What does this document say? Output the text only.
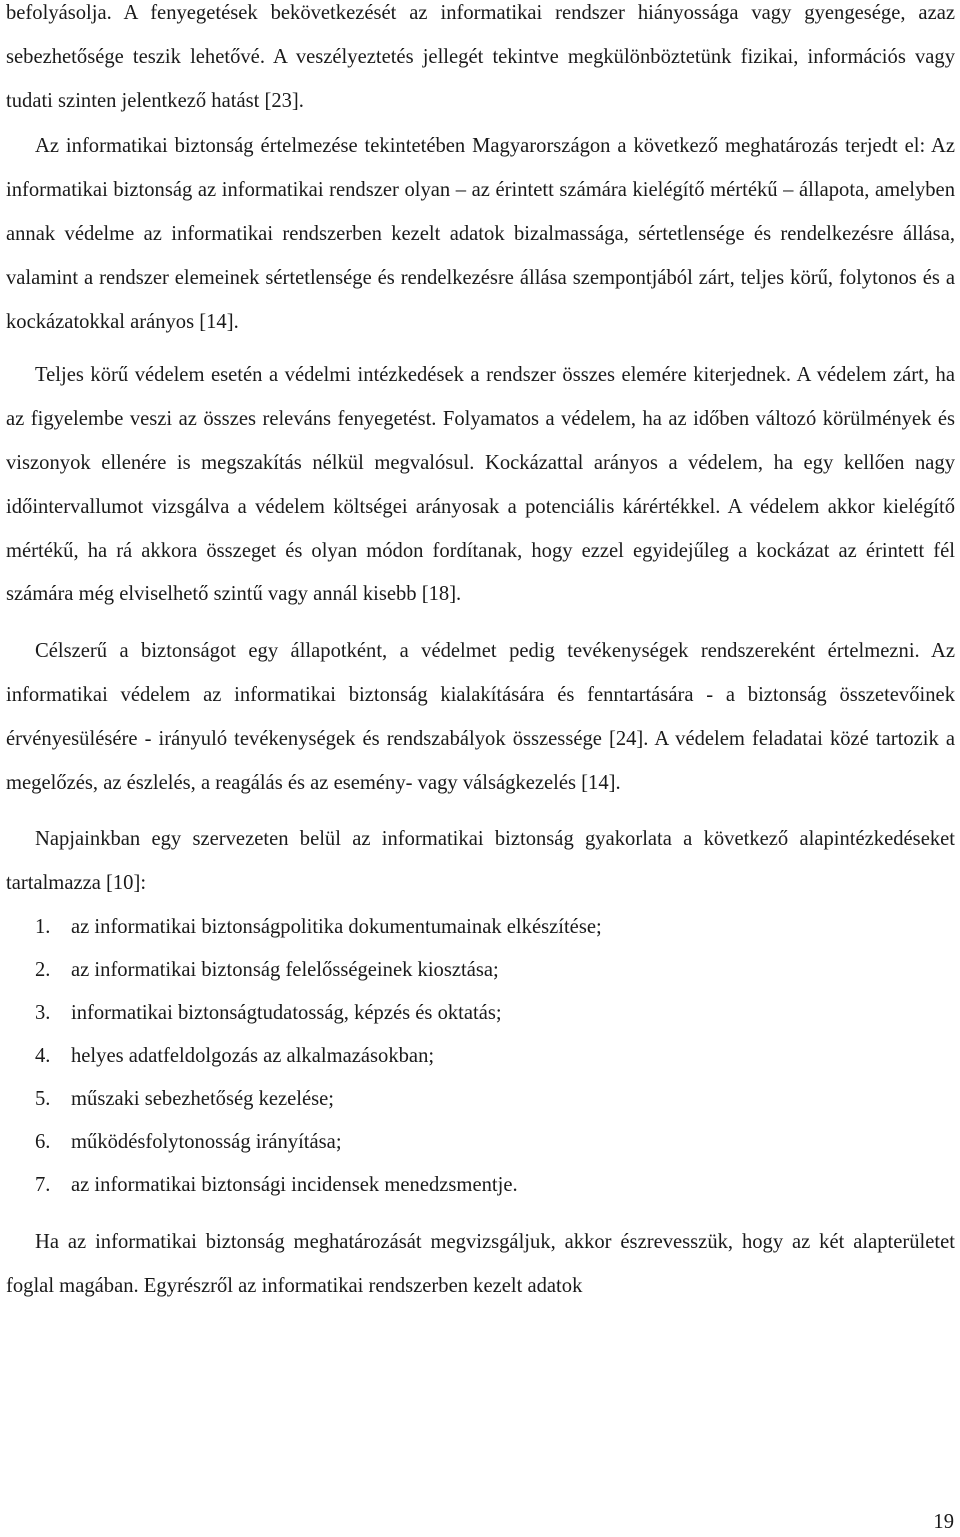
befolyásolja. A fenyegetések bekövetkezését az informatikai rendszer hiányossága vagy gyengesége, azaz sebezhetősége teszik lehetővé. A veszélyeztetés jellegét tekintve megkülönböztetünk fizikai, információs vagy tudati szinten jelentkező hatást [23].

Az informatikai biztonság értelmezése tekintetében Magyarországon a következő meghatározás terjedt el: Az informatikai biztonság az informatikai rendszer olyan – az érintett számára kielégítő mértékű – állapota, amelyben annak védelme az informatikai rendszerben kezelt adatok bizalmassága, sértetlensége és rendelkezésre állása, valamint a rendszer elemeinek sértetlensége és rendelkezésre állása szempontjából zárt, teljes körű, folytonos és a kockázatokkal arányos [14].

Teljes körű védelem esetén a védelmi intézkedések a rendszer összes elemére kiterjednek. A védelem zárt, ha az figyelembe veszi az összes releváns fenyegetést. Folyamatos a védelem, ha az időben változó körülmények és viszonyok ellenére is megszakítás nélkül megvalósul. Kockázattal arányos a védelem, ha egy kellően nagy időintervallumot vizsgálva a védelem költségei arányosak a potenciális kárértékkel. A védelem akkor kielégítő mértékű, ha rá akkora összeget és olyan módon fordítanak, hogy ezzel egyidejűleg a kockázat az érintett fél számára még elviselhető szintű vagy annál kisebb [18].

Célszerű a biztonságot egy állapotként, a védelmet pedig tevékenységek rendszereként értelmezni. Az informatikai védelem az informatikai biztonság kialakítására és fenntartására - a biztonság összetevőinek érvényesülésére - irányuló tevékenységek és rendszabályok összessége [24]. A védelem feladatai közé tartozik a megelőzés, az észlelés, a reagálás és az esemény- vagy válságkezelés [14].

Napjainkban egy szervezeten belül az informatikai biztonság gyakorlata a következő alapintézkedéseket tartalmazza [10]:

1. az informatikai biztonságpolitika dokumentumainak elkészítése;
2. az informatikai biztonság felelősségeinek kiosztása;
3. informatikai biztonságtudatosság, képzés és oktatás;
4. helyes adatfeldolgozás az alkalmazásokban;
5. műszaki sebezhetőség kezelése;
6. működésfolytonosság irányítása;
7. az informatikai biztonsági incidensek menedzsmentje.

Ha az informatikai biztonság meghatározását megvizsgáljuk, akkor észrevesszük, hogy az két alapterületet foglal magában. Egyrészről az informatikai rendszerben kezelt adatok

19
